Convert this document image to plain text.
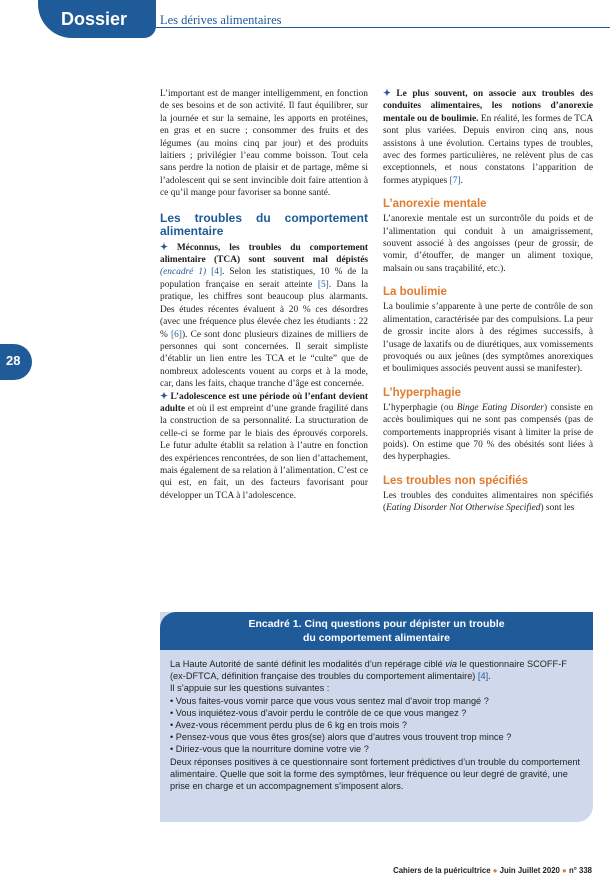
Dossier	Les dérives alimentaires
28

L’important est de manger intelligemment, en fonction de ses besoins et de son activité. Il faut équilibrer, sur la journée et sur la semaine, les apports en protéines, en gras et en sucre ; consommer des fruits et des légumes (au moins cinq par jour) et des produits laitiers ; privilégier l’eau comme boisson. Tout cela sans perdre la notion de plaisir et de partage, même si l’adolescent qui se sent invincible doit faire attention à ce qu’il mange pour favoriser sa bonne santé.

Les troubles du comportement alimentaire

✦ Méconnus, les troubles du comportement alimentaire (TCA) sont souvent mal dépistés (encadré 1) [4]. Selon les statistiques, 10 % de la population française en serait atteinte [5]. Dans la pratique, les chiffres sont beaucoup plus alarmants. Des études récentes évaluent à 20 % ces désordres (avec une fréquence plus élevée chez les étudiants : 22 % [6]). Ce sont donc plusieurs dizaines de milliers de personnes qui sont concernées. Il serait simpliste d’établir un lien entre les TCA et le “culte” que de nombreux adolescents vouent au corps et à la mode, car, dans les faits, chaque tranche d’âge est concernée.

✦ L’adolescence est une période où l’enfant devient adulte et où il est empreint d’une grande fragilité dans la construction de sa personnalité. La structuration de celle-ci se forme par le biais des éprouvés corporels. Le futur adulte établit sa relation à l’autre en fonction des expériences rencontrées, de son lien d’attachement, mais également de sa relation à l’alimentation. C’est ce qui est, en fait, un des facteurs favorisant pour développer un TCA à l’adolescence.

✦ Le plus souvent, on associe aux troubles des conduites alimentaires, les notions d’anorexie mentale ou de boulimie. En réalité, les formes de TCA sont plus variées. Depuis environ cinq ans, nous assistons à une évolution. Certains types de troubles, avec des formes particulières, ne relèvent plus de cas exceptionnels, et nous constatons l’apparition de formes atypiques [7].

L’anorexie mentale

L’anorexie mentale est un surcontrôle du poids et de l’alimentation qui conduit à un amaigrissement, souvent associé à des angoisses (peur de grossir, de vomir, d’étouffer, de manger un aliment toxique, malsain ou sans traçabilité, etc.).

La boulimie

La boulimie s’apparente à une perte de contrôle de son alimentation, caractérisée par des compulsions. La peur de grossir incite alors à des régimes successifs, à l’usage de laxatifs ou de diurétiques, aux vomissements provoqués ou aux jeûnes (des symptômes anorexiques et boulimiques associés peuvent aussi se manifester).

L’hyperphagie

L’hyperphagie (ou Binge Eating Disorder) consiste en accès boulimiques qui ne sont pas compensés (pas de comportements inappropriés visant à limiter la prise de poids). On estime que 70 % des obésités sont liées à des hyperphagies.

Les troubles non spécifiés

Les troubles des conduites alimentaires non spécifiés (Eating Disorder Not Otherwise Specified) sont les

Encadré 1. Cinq questions pour dépister un trouble
du comportement alimentaire

La Haute Autorité de santé définit les modalités d’un repérage ciblé via le questionnaire SCOFF-F (ex-DFTCA, définition française des troubles du comportement alimentaire) [4].

Il s’appuie sur les questions suivantes :

• Vous faites-vous vomir parce que vous vous sentez mal d’avoir trop mangé ?
• Vous inquiétez-vous d’avoir perdu le contrôle de ce que vous mangez ?
• Avez-vous récemment perdu plus de 6 kg en trois mois ?
• Pensez-vous que vous êtes gros(se) alors que d’autres vous trouvent trop mince ?
• Diriez-vous que la nourriture domine votre vie ?

Deux réponses positives à ce questionnaire sont fortement prédictives d’un trouble du comportement alimentaire. Quelle que soit la forme des symptômes, leur fréquence ou leur degré de gravité, une prise en charge et un accompagnement s’imposent alors.

Cahiers de la puéricultrice ● Juin Juillet 2020 ● n° 338
